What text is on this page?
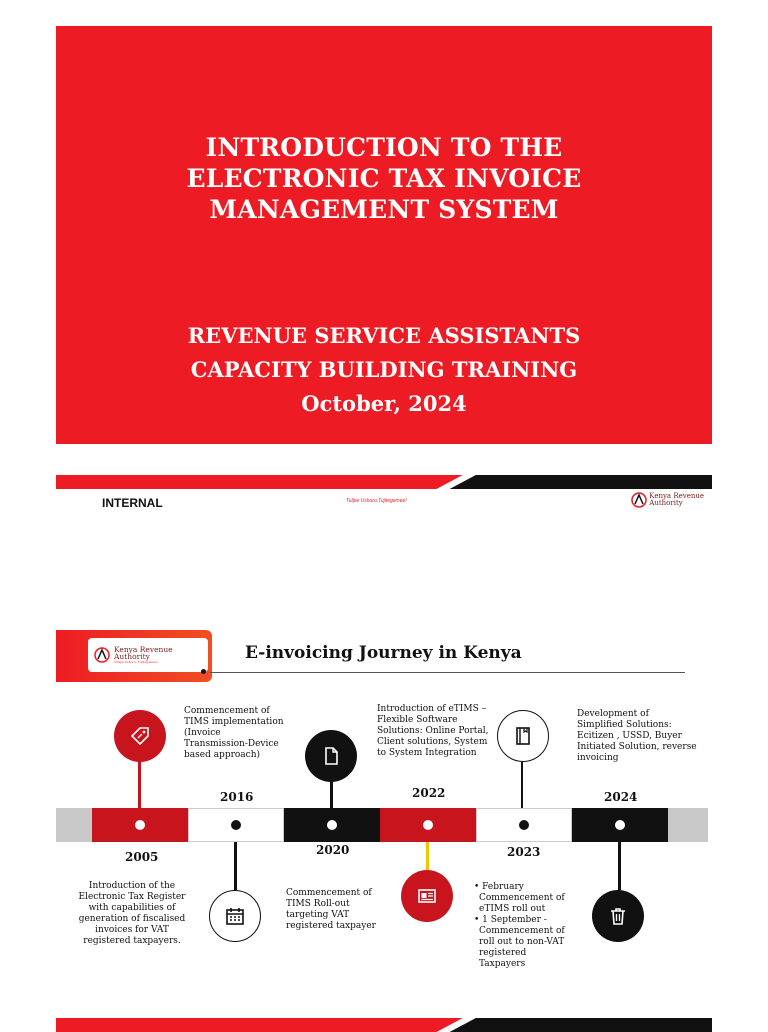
INTRODUCTION TO THE
ELECTRONIC TAX INVOICE
MANAGEMENT SYSTEM
REVENUE SERVICE ASSISTANTS
CAPACITY BUILDING TRAINING
October, 2024
INTERNAL	Tulipe Ushuru,Tujitegemee!
Kenya Revenue
Authority
Kenya Revenue
Authority
Tulipe Ushuru, Tujitegemee!	E-invoicing Journey in Kenya
2005
2016
2020
2022
2023
2024
Introduction of the Electronic Tax Register with capabilities of generation of fiscalised invoices for VAT registered taxpayers.
Commencement of TIMS implementation (Invoice Transmission-Device based approach)
Commencement of TIMS Roll-out targeting VAT registered taxpayer
Introduction of eTIMS – Flexible Software Solutions: Online Portal, Client solutions, System to System Integration
• February Commencement of eTIMS roll out
• 1 September - Commencement of roll out to non-VAT registered Taxpayers
Development of Simplified Solutions: Ecitizen , USSD, Buyer Initiated Solution, reverse invoicing
